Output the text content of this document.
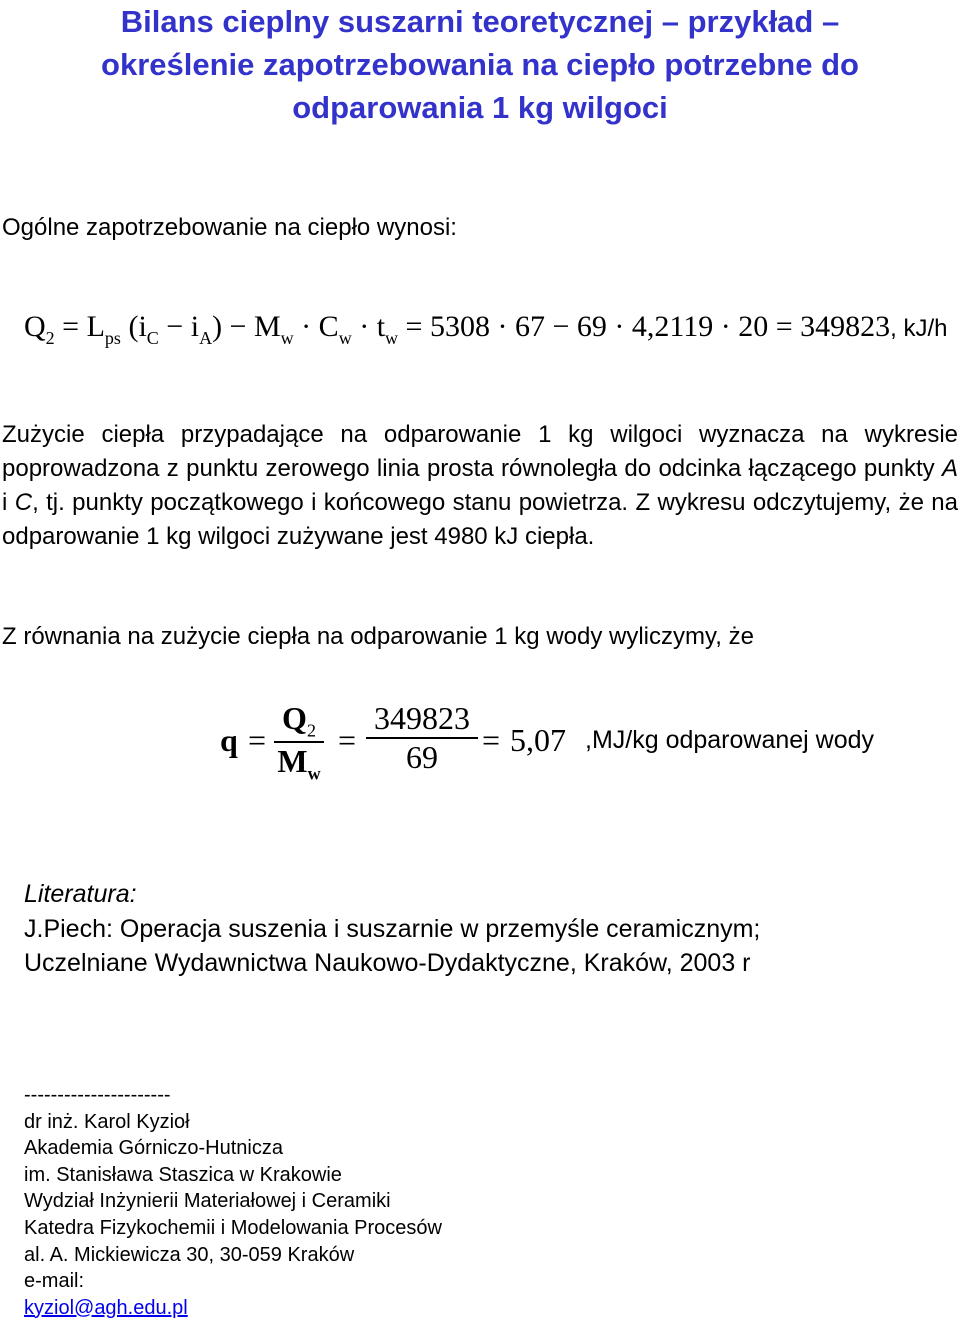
Bilans cieplny suszarni teoretycznej – przykład –
określenie zapotrzebowania na ciepło potrzebne do
odparowania 1 kg wilgoci

Ogólne zapotrzebowanie na ciepło wynosi:

$Q_2 = L_{ps}$ $(i_C - i_A) - M_w \cdot C_w \cdot t_w = 5308 \cdot 67 - 69 \cdot 4,2119 \cdot 20 = 349823$, kJ/h

Zużycie ciepła przypadające na odparowanie 1 kg wilgoci wyznacza na wykresie poprowadzona z punktu zerowego linia prosta równoległa do odcinka łączącego punkty A i C, tj. punkty początkowego i końcowego stanu powietrza. Z wykresu odczytujemy, że na odparowanie 1 kg wilgoci zużywane jest 4980 kJ ciepła.

Z równania na zużycie ciepła na odparowanie 1 kg wody wyliczymy, że

q =
$Q_2$
$M_w$
=
349823
69	= 5,07 ,MJ/kg odparowanej wody
Literatura:
J.Piech: Operacja suszenia i suszarnie w przemyśle ceramicznym;
Uczelniane Wydawnictwa Naukowo-Dydaktyczne, Kraków, 2003 r
----------------------
dr inż. Karol Kyzioł
Akademia Górniczo-Hutnicza
im. Stanisława Staszica w Krakowie
Wydział Inżynierii Materiałowej i Ceramiki
Katedra Fizykochemii i Modelowania Procesów
al. A. Mickiewicza 30, 30-059 Kraków
e-mail:
kyziol@agh.edu.pl
